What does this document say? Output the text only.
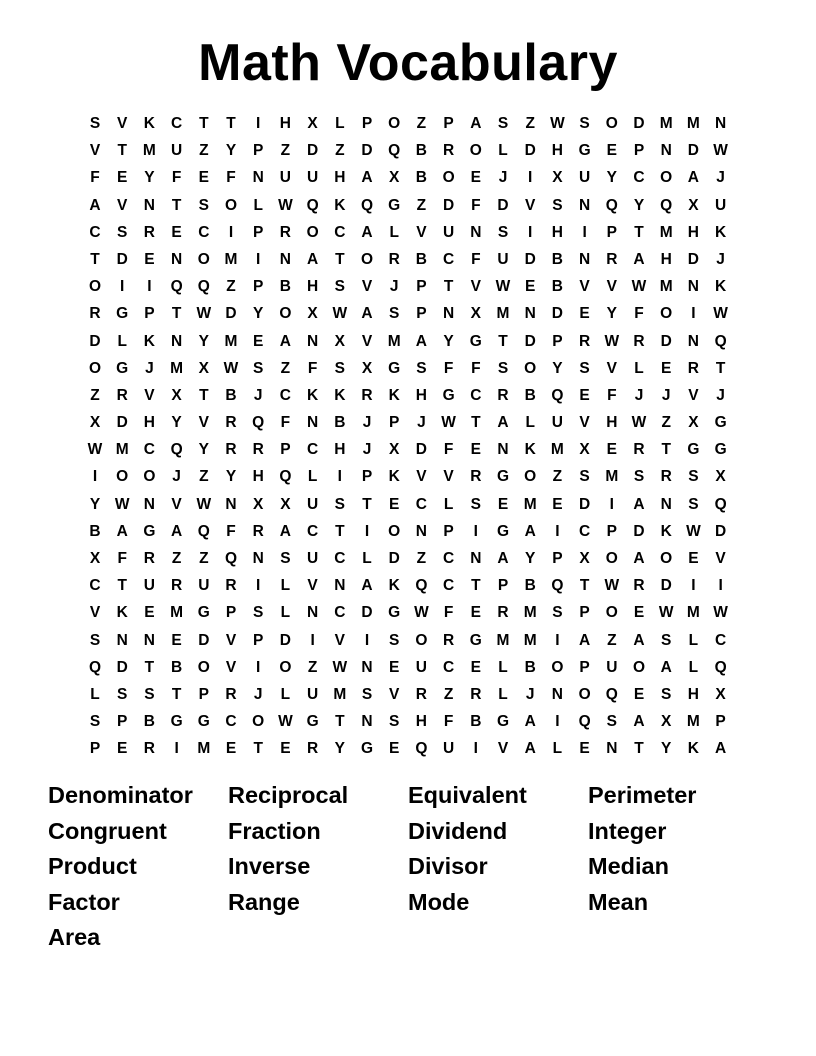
Math Vocabulary
S	V	K	C	T	T	I	H	X	L	P	O	Z	P	A	S	Z W S	O	D M M N
V	T	M U	Z	Y	P	Z	D	Z	D	Q	B	R	O	L	D	H	G	E	P	N	D W
F	E	Y	F	E	F	N	U	U	H	A	X	B	O	E	J	I	X	U	Y	C	O	A	J
A	V	N	T	S	O	L W Q	K	Q G	Z	D	F	D	V	S	N	Q	Y	Q	X	U
C	S	R	E	C	I	P	R	O	C	A	L	V	U	N	S	I	H	I	P	T	M H	K
T	D	E	N	O M	I	N	A	T	O	R	B	C	F	U	D	B	N	R	A	H	D	J
O	I	I	Q Q	Z	P	B	H	S	V	J	P	T	V W E	B	V	V W M N	K
R	G	P	T W D	Y	O	X W A	S	P	N	X	M N	D	E	Y	F	O	I	W
D	L	K	N	Y	M	E	A	N	X	V	M A	Y	G	T	D	P	R W R	D	N	Q
O G	J	M	X W S	Z	F	S	X	G	S	F	F	S	O	Y	S	V	L	E	R	T
Z	R	V	X	T	B	J	C	K	K	R	K	H	G	C	R	B	Q	E	F	J	J	V	J
X	D	H	Y	V	R	Q	F	N	B	J	P	J	W T	A	L	U	V	H W Z	X	G
W M C	Q	Y	R	R	P	C	H	J	X	D	F	E	N	K M	X	E	R	T	G G
I	O O	J	Z	Y	H	Q	L	I	P	K	V	V	R	G O	Z	S	M	S	R	S	X
Y W N	V W N	X	X	U	S	T	E	C	L	S	E	M	E	D	I	A	N	S	Q
B	A	G	A	Q	F	R	A	C	T	I	O	N	P	I	G	A	I	C	P	D	K W D
X	F	R	Z	Z	Q	N	S	U	C	L	D	Z	C	N	A	Y	P	X	O	A	O	E	V
C	T	U	R	U	R	I	L	V	N	A	K	Q	C	T	P	B	Q	T W R	D	I	I
V	K	E	M G	P	S	L	N	C	D	G W F	E	R M	S	P	O	E W M W
S	N	N	E	D	V	P	D	I	V	I	S	O	R	G M M	I	A	Z	A	S	L	C
Q	D	T	B	O	V	I	O	Z W N	E	U	C	E	L	B	O	P	U	O	A	L	Q
L	S	S	T	P	R	J	L	U M	S	V	R	Z	R	L	J	N	O Q	E	S	H	X
S	P	B	G G	C	O W G	T	N	S	H	F	B	G	A	I	Q	S	A	X	M	P
P	E	R	I	M	E	T	E	R	Y	G	E	Q	U	I	V	A	L	E	N	T	Y	K	A
Denominator Reciprocal	Equivalent	Perimeter
Congruent	Fraction	Dividend	Integer
Product	Inverse	Divisor	Median
Factor	Range	Mode	Mean
Area
